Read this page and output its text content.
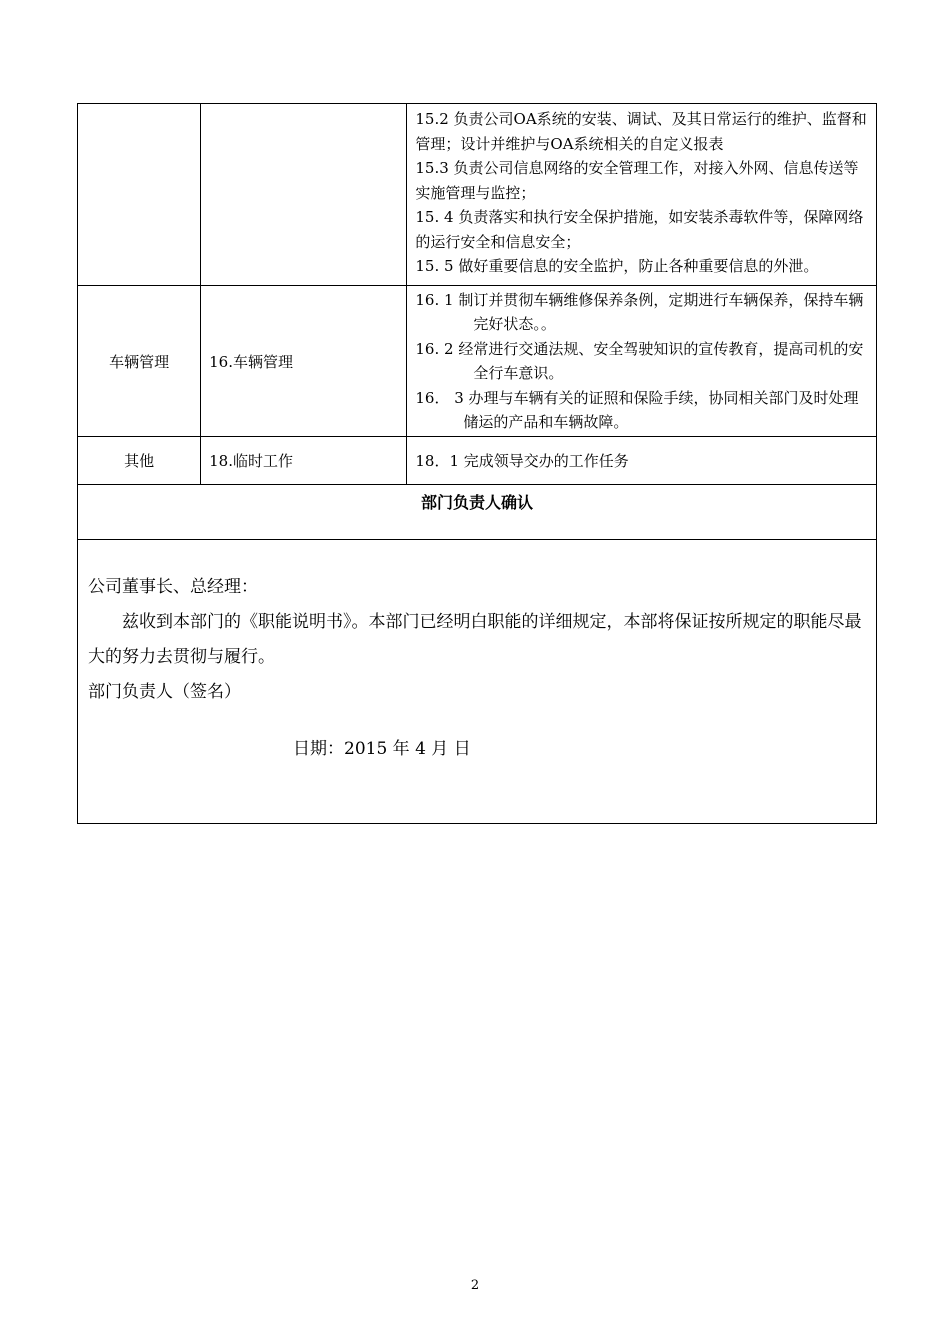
		15.2 负责公司OA系统的安装、调试、及其日常运行的维护、监督和管理；设计并维护与OA系统相关的自定义报表
15.3 负责公司信息网络的安全管理工作，对接入外网、信息传送等实施管理与监控；
15. 4 负责落实和执行安全保护措施，如安装杀毒软件等，保障网络的运行安全和信息安全；
15. 5 做好重要信息的安全监护，防止各种重要信息的外泄。

车辆管理	16.车辆管理	16. 1 制订并贯彻车辆维修保养条例，定期进行车辆保养，保持车辆完好状态。。
16. 2 经常进行交通法规、安全驾驶知识的宣传教育，提高司机的安全行车意识。
16． 3 办理与车辆有关的证照和保险手续，协同相关部门及时处理储运的产品和车辆故障。

其他	18.临时工作	18．1 完成领导交办的工作任务
部门负责人确认		

公司董事长、总经理：
兹收到本部门的《职能说明书》。本部门已经明白职能的详细规定，本部将保证按所规定的职能尽最大的努力去贯彻与履行。
部门负责人（签名）
日期：2015 年 4 月 日		
2
